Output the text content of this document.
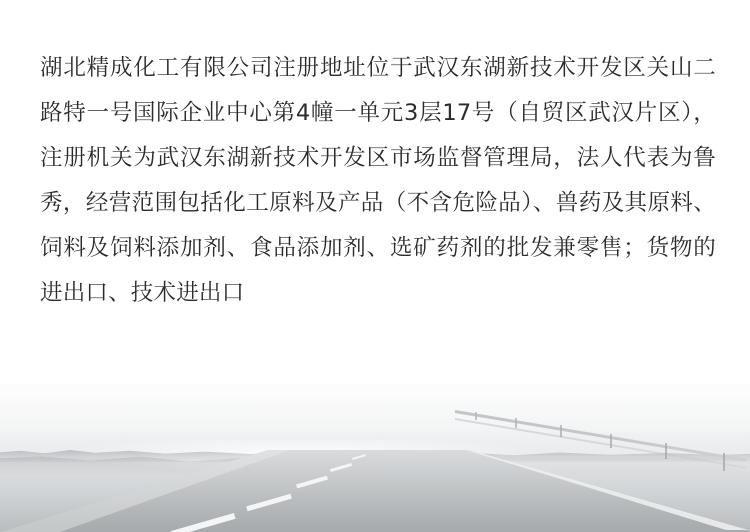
湖北精成化工有限公司注册地址位于武汉东湖新技术开发区关山二路特一号国际企业中心第4幢一单元3层17号（自贸区武汉片区），注册机关为武汉东湖新技术开发区市场监督管理局，法人代表为鲁秀，经营范围包括化工原料及产品（不含危险品）、兽药及其原料、饲料及饲料添加剂、食品添加剂、选矿药剂的批发兼零售；货物的进出口、技术进出口
